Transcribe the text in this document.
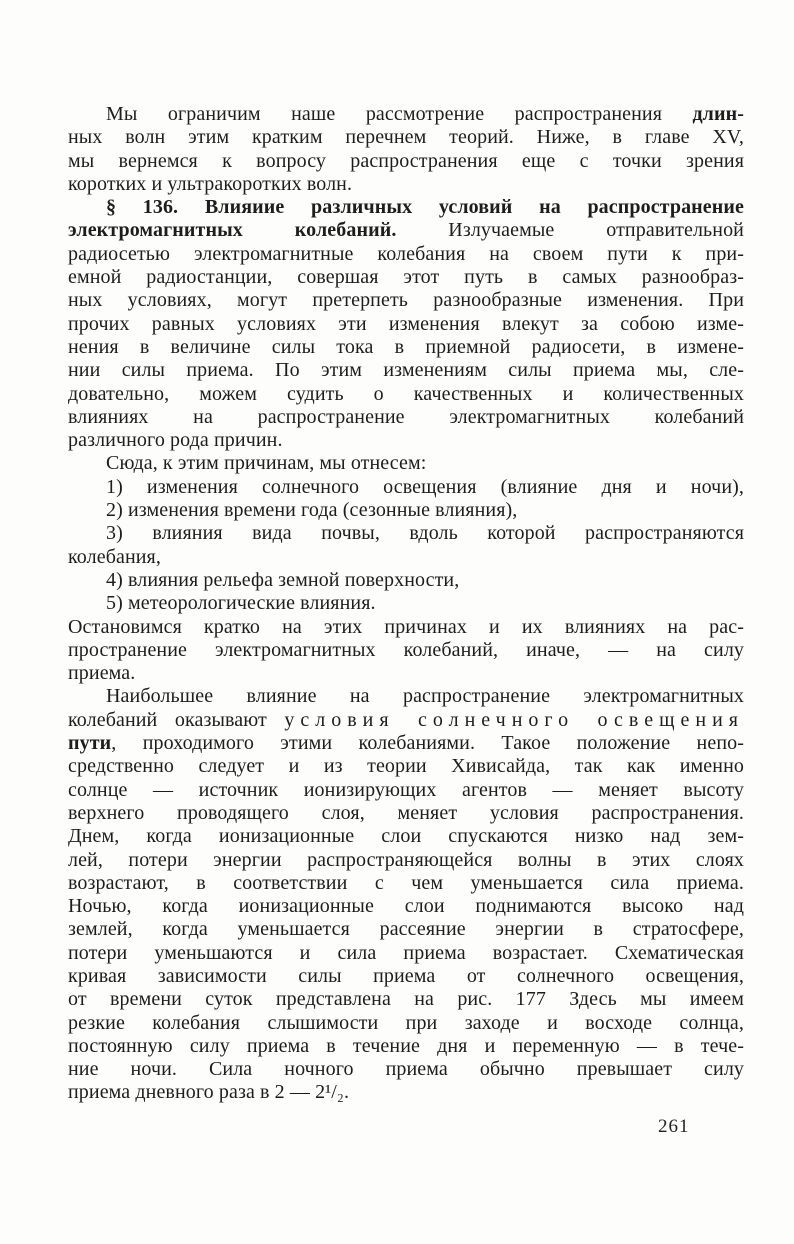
Мы ограничим наше рассмотрение распространения длин-
ных волн этим кратким перечнем теорий. Ниже, в главе XV,
мы вернемся к вопросу распространения еще с точки зрения
коротких и ультракоротких волн.
§ 136. Влияиие различных условий на распространение
электромагнитных колебаний. Излучаемые отправительной
радиосетью электромагнитные колебания на своем пути к при-
емной радиостанции, совершая этот путь в самых разнообраз-
ных условиях, могут претерпеть разнообразные изменения. При
прочих равных условиях эти изменения влекут за собою изме-
нения в величине силы тока в приемной радиосети, в измене-
нии силы приема. По этим изменениям силы приема мы, сле-
довательно, можем судить о качественных и количественных
влияниях на распространение электромагнитных колебаний
различного рода причин.
Сюда, к этим причинам, мы отнесем:
1) изменения солнечного освещения (влияние дня и ночи),
2) изменения времени года (сезонные влияния),
3) влияния вида почвы, вдоль которой распространяются
колебания,
4) влияния рельефа земной поверхности,
5) метеорологические влияния.
Остановимся кратко на этих причинах и их влияниях на рас-
пространение электромагнитных колебаний, иначе, — на силу
приема.
Наибольшее влияние на распространение электромагнитных
колебаний оказывают условия солнечного освещения
пути, проходимого этими колебаниями. Такое положение непо-
средственно следует и из теории Хивисайда, так как именно
солнце — источник ионизирующих агентов — меняет высоту
верхнего проводящего слоя, меняет условия распространения.
Днем, когда ионизационные слои спускаются низко над зем-
лей, потери энергии распространяющейся волны в этих слоях
возрастают, в соответствии с чем уменьшается сила приема.
Ночью, когда ионизационные слои поднимаются высоко над
землей, когда уменьшается рассеяние энергии в стратосфере,
потери уменьшаются и сила приема возрастает. Схематическая
кривая зависимости силы приема от солнечного освещения,
от времени суток представлена на рис. 177 Здесь мы имеем
резкие колебания слышимости при заходе и восходе солнца,
постоянную силу приема в течение дня и переменную — в тече-
ние ночи. Сила ночного приема обычно превышает силу
приема дневного раза в 2 — 2¹/₂.
261
